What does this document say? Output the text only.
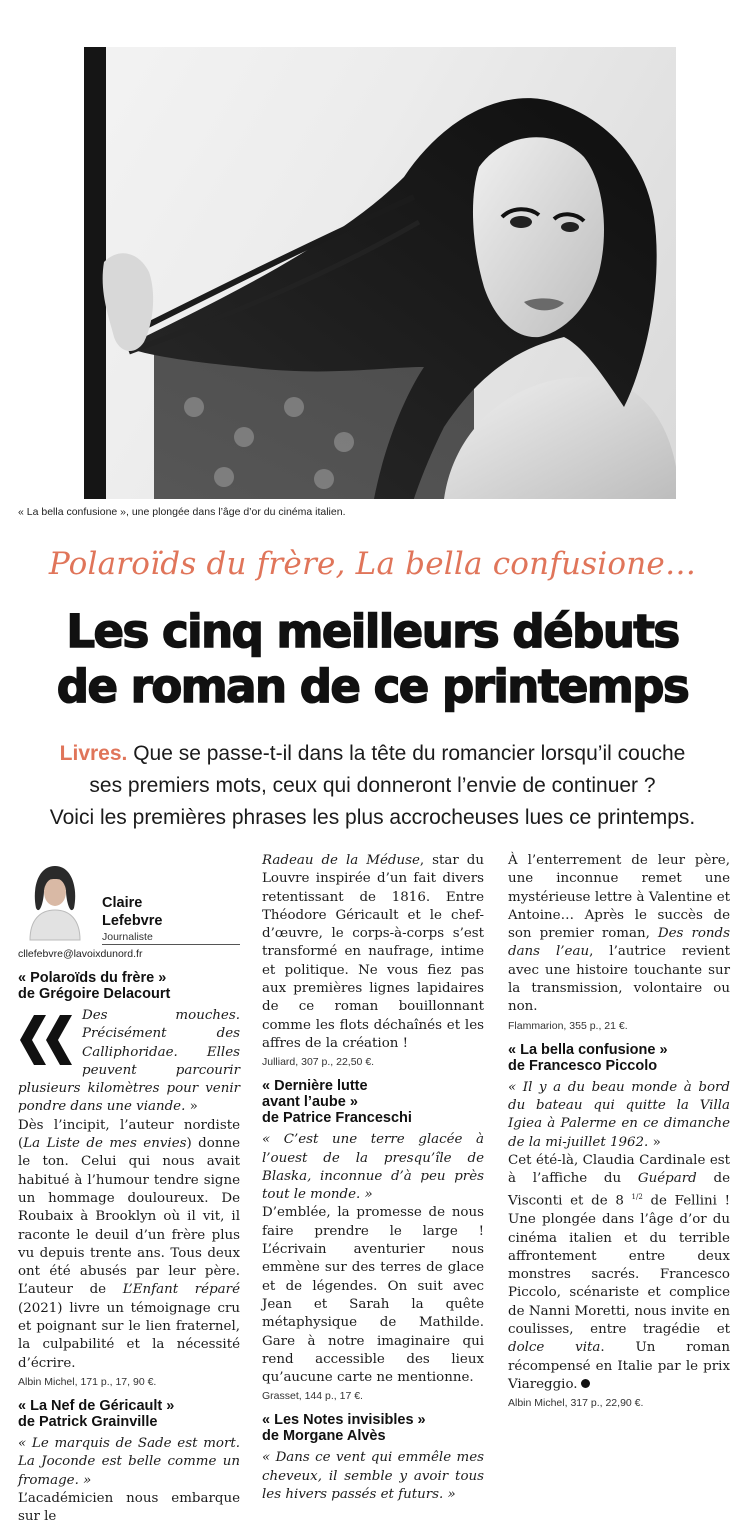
« La bella confusione », une plongée dans l’âge d’or du cinéma italien.
Polaroïds du frère, La bella confusione…
Les cinq meilleurs débuts
de roman de ce printemps
Livres. Que se passe-t-il dans la tête du romancier lorsqu’il couche
ses premiers mots, ceux qui donneront l’envie de continuer ?
Voici les premières phrases les plus accrocheuses lues ce printemps.
Claire
Lefebvre
Journaliste
cllefebvre@lavoixdunord.fr
« Polaroïds du frère »
de Grégoire Delacourt

Des mouches. Précisément des Calliphoridae. Elles peuvent parcourir plusieurs kilomètres pour venir pondre dans une viande. »

Dès l’incipit, l’auteur nordiste (La Liste de mes envies) donne le ton. Celui qui nous avait habitué à l’humour tendre signe un hommage douloureux. De Roubaix à Brooklyn où il vit, il raconte le deuil d’un frère plus vu depuis trente ans. Tous deux ont été abusés par leur père. L’auteur de L’Enfant réparé (2021) livre un témoignage cru et poignant sur le lien fraternel, la culpabilité et la nécessité d’écrire.

Albin Michel, 171 p., 17, 90 €.
« La Nef de Géricault »
de Patrick Grainville

« Le marquis de Sade est mort. La Joconde est belle comme un fromage. »

L’académicien nous embarque sur le

Radeau de la Méduse, star du Louvre inspirée d’un fait divers retentissant de 1816. Entre Théodore Géricault et le chef-d’œuvre, le corps-à-corps s’est transformé en naufrage, intime et politique. Ne vous fiez pas aux premières lignes lapidaires de ce roman bouillonnant comme les flots déchaînés et les affres de la création !

Julliard, 307 p., 22,50 €.
« Dernière lutte
avant l’aube »
de Patrice Franceschi

« C’est une terre glacée à l’ouest de la presqu’île de Blaska, inconnue d’à peu près tout le monde. »

D’emblée, la promesse de nous faire prendre le large ! L’écrivain aventurier nous emmène sur des terres de glace et de légendes. On suit avec Jean et Sarah la quête métaphysique de Mathilde. Gare à notre imaginaire qui rend accessible des lieux qu’aucune carte ne mentionne.

Grasset, 144 p., 17 €.
« Les Notes invisibles »
de Morgane Alvès

« Dans ce vent qui emmêle mes cheveux, il semble y avoir tous les hivers passés et futurs. »

À l’enterrement de leur père, une inconnue remet une mystérieuse lettre à Valentine et Antoine… Après le succès de son premier roman, Des ronds dans l’eau, l’autrice revient avec une histoire touchante sur la transmission, volontaire ou non.

Flammarion, 355 p., 21 €.
« La bella confusione »
de Francesco Piccolo

« Il y a du beau monde à bord du bateau qui quitte la Villa Igiea à Palerme en ce dimanche de la mi-juillet 1962. »

Cet été-là, Claudia Cardinale est à l’affiche du Guépard de Visconti et de 8 $^{1/2}$ de Fellini ! Une plongée dans l’âge d’or du cinéma italien et du terrible affrontement entre deux monstres sacrés. Francesco Piccolo, scénariste et complice de Nanni Moretti, nous invite en coulisses, entre tragédie et dolce vita. Un roman récompensé en Italie par le prix Viareggio.

Albin Michel, 317 p., 22,90 €.
